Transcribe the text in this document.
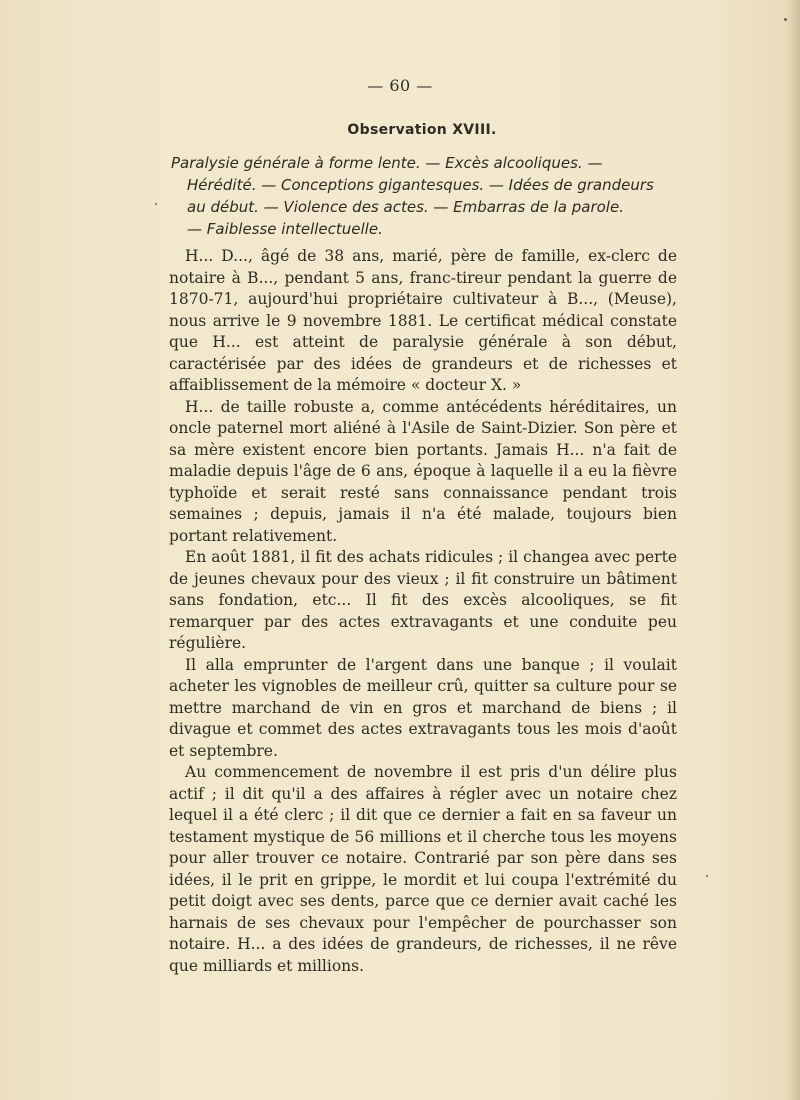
— 60 —
Observation XVIII.
Paralysie générale à forme lente. — Excès alcooliques. —
Hérédité. — Conceptions gigantesques. — Idées de grandeurs
au début. — Violence des actes. — Embarras de la parole.
— Faiblesse intellectuelle.

H... D..., âgé de 38 ans, marié, père de famille, ex-clerc de notaire à B..., pendant 5 ans, franc-tireur pendant la guerre de 1870-71, aujourd'hui propriétaire cultivateur à B..., (Meuse), nous arrive le 9 novembre 1881. Le certificat médical constate que H... est atteint de paralysie générale à son début, caractérisée par des idées de grandeurs et de richesses et affaiblissement de la mémoire « docteur X. »

H... de taille robuste a, comme antécédents héréditaires, un oncle paternel mort aliéné à l'Asile de Saint-Dizier. Son père et sa mère existent encore bien portants. Jamais H... n'a fait de maladie depuis l'âge de 6 ans, époque à laquelle il a eu la fièvre typhoïde et serait resté sans connaissance pendant trois semaines ; depuis, jamais il n'a été malade, toujours bien portant relativement.

En août 1881, il fit des achats ridicules ; il changea avec perte de jeunes chevaux pour des vieux ; il fit construire un bâtiment sans fondation, etc... Il fit des excès alcooliques, se fit remarquer par des actes extravagants et une conduite peu régulière.

Il alla emprunter de l'argent dans une banque ; il voulait acheter les vignobles de meilleur crû, quitter sa culture pour se mettre marchand de vin en gros et marchand de biens ; il divague et commet des actes extravagants tous les mois d'août et septembre.

Au commencement de novembre il est pris d'un délire plus actif ; il dit qu'il a des affaires à régler avec un notaire chez lequel il a été clerc ; il dit que ce dernier a fait en sa faveur un testament mystique de 56 millions et il cherche tous les moyens pour aller trouver ce notaire. Contrarié par son père dans ses idées, il le prit en grippe, le mordit et lui coupa l'extrémité du petit doigt avec ses dents, parce que ce dernier avait caché les harnais de ses chevaux pour l'empêcher de pourchasser son notaire. H... a des idées de grandeurs, de richesses, il ne rêve que milliards et millions.
